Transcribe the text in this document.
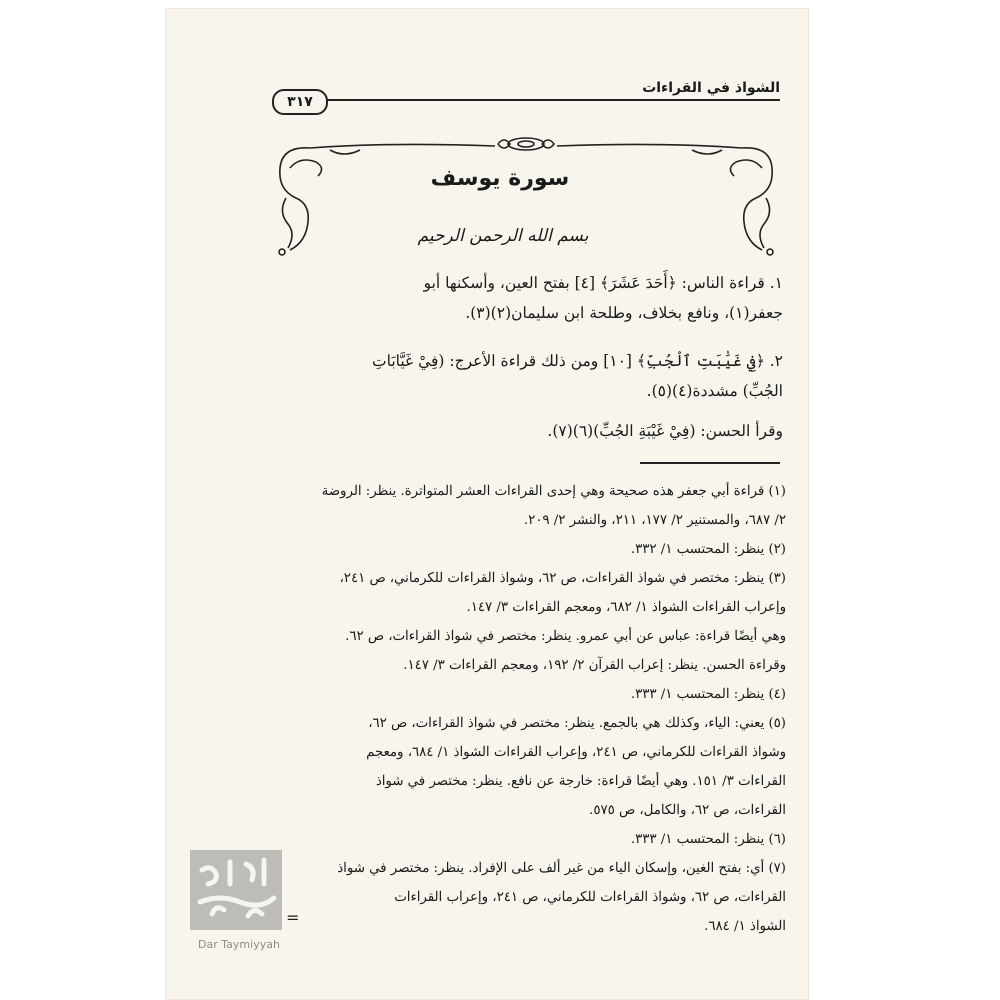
الشواذ في القراءات
٣١٧
سورة يوسف
بسم الله الرحمن الرحيم
١. قراءة الناس: ﴿أَحَدَ عَشَرَ﴾ [٤] بفتح العين، وأسكنها أبو
جعفر(١)، ونافع بخلاف، وطلحة ابن سليمان(٢)(٣).
٢. ﴿فِي غَيَٰبَتِ ٱلْجُبِّ﴾ [١٠] ومن ذلك قراءة الأعرج: (فِيْ غَيَّابَاتِ
الجُبِّ) مشددة(٤)(٥).
وقرأ الحسن: (فِيْ غَيْبَةِ الجُبِّ)(٦)(٧).
(١) قراءة أبي جعفر هذه صحيحة وهي إحدى القراءات العشر المتواترة. ينظر: الروضة
٢/ ٦٨٧، والمستنير ٢/ ١٧٧، ٢١١، والنشر ٢/ ٢٠٩.
(٢) ينظر: المحتسب ١/ ٣٣٢.
(٣) ينظر: مختصر في شواذ القراءات، ص ٦٢، وشواذ القراءات للكرماني، ص ٢٤١،
وإعراب القراءات الشواذ ١/ ٦٨٢، ومعجم القراءات ٣/ ١٤٧.
وهي أيضًا قراءة: عباس عن أبي عمرو. ينظر: مختصر في شواذ القراءات، ص ٦٢.
وقراءة الحسن. ينظر: إعراب القرآن ٢/ ١٩٢، ومعجم القراءات ٣/ ١٤٧.
(٤) ينظر: المحتسب ١/ ٣٣٣.
(٥) يعني: الياء، وكذلك هي بالجمع. ينظر: مختصر في شواذ القراءات، ص ٦٢،
وشواذ القراءات للكرماني، ص ٢٤١، وإعراب القراءات الشواذ ١/ ٦٨٤، ومعجم
القراءات ٣/ ١٥١. وهي أيضًا قراءة: خارجة عن نافع. ينظر: مختصر في شواذ
القراءات، ص ٦٢، والكامل، ص ٥٧٥.
(٦) ينظر: المحتسب ١/ ٣٣٣.
(٧) أي: بفتح الغين، وإسكان الياء من غير ألف على الإفراد. ينظر: مختصر في شواذ
القراءات، ص ٦٢، وشواذ القراءات للكرماني، ص ٢٤١، وإعراب القراءات
الشواذ ١/ ٦٨٤.
=
Dar Taymiyyah
